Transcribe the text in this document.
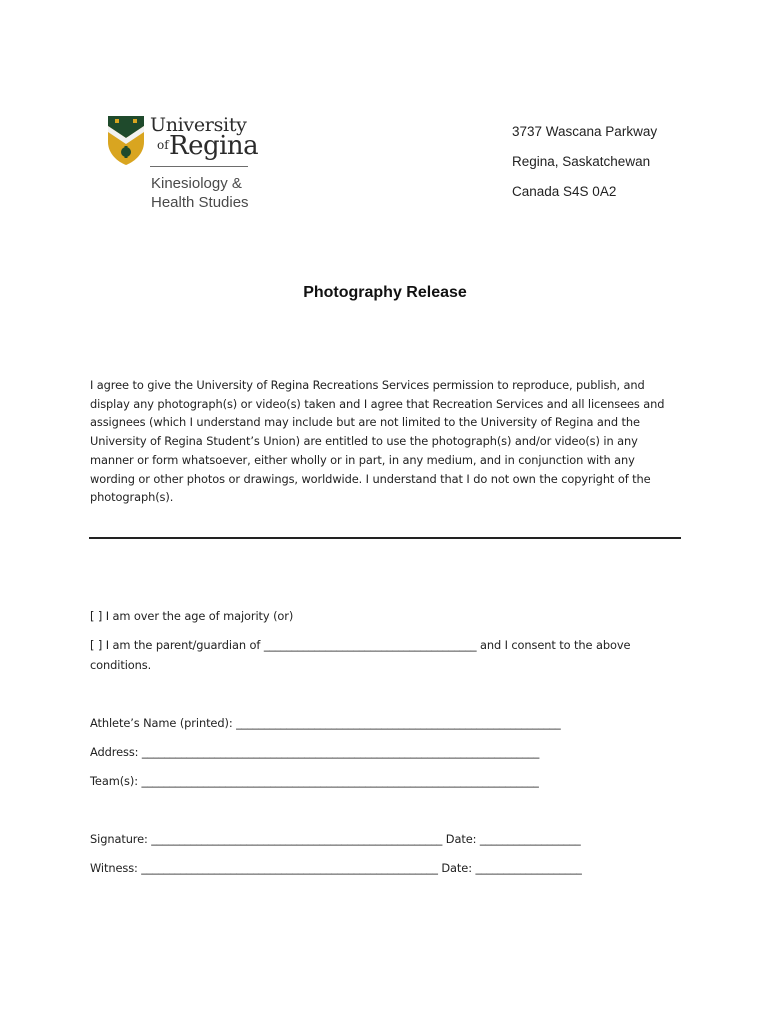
University
of Regina
Kinesiology &
Health Studies
3737 Wascana Parkway
Regina, Saskatchewan
Canada S4S 0A2
Photography Release
I agree to give the University of Regina Recreations Services permission to reproduce, publish, and
display any photograph(s) or video(s) taken and I agree that Recreation Services and all licensees and
assignees (which I understand may include but are not limited to the University of Regina and the
University of Regina Student’s Union) are entitled to use the photograph(s) and/or video(s) in any
manner or form whatsoever, either wholly or in part, in any medium, and in conjunction with any
wording or other photos or drawings, worldwide. I understand that I do not own the copyright of the
photograph(s).
[ ] I am over the age of majority (or)
[ ] I am the parent/guardian of ______________________________________ and I consent to the above
conditions.
Athlete’s Name (printed): __________________________________________________________
Address: _______________________________________________________________________
Team(s): _______________________________________________________________________
Signature: ____________________________________________________ Date: __________________
Witness: _____________________________________________________ Date: ___________________
